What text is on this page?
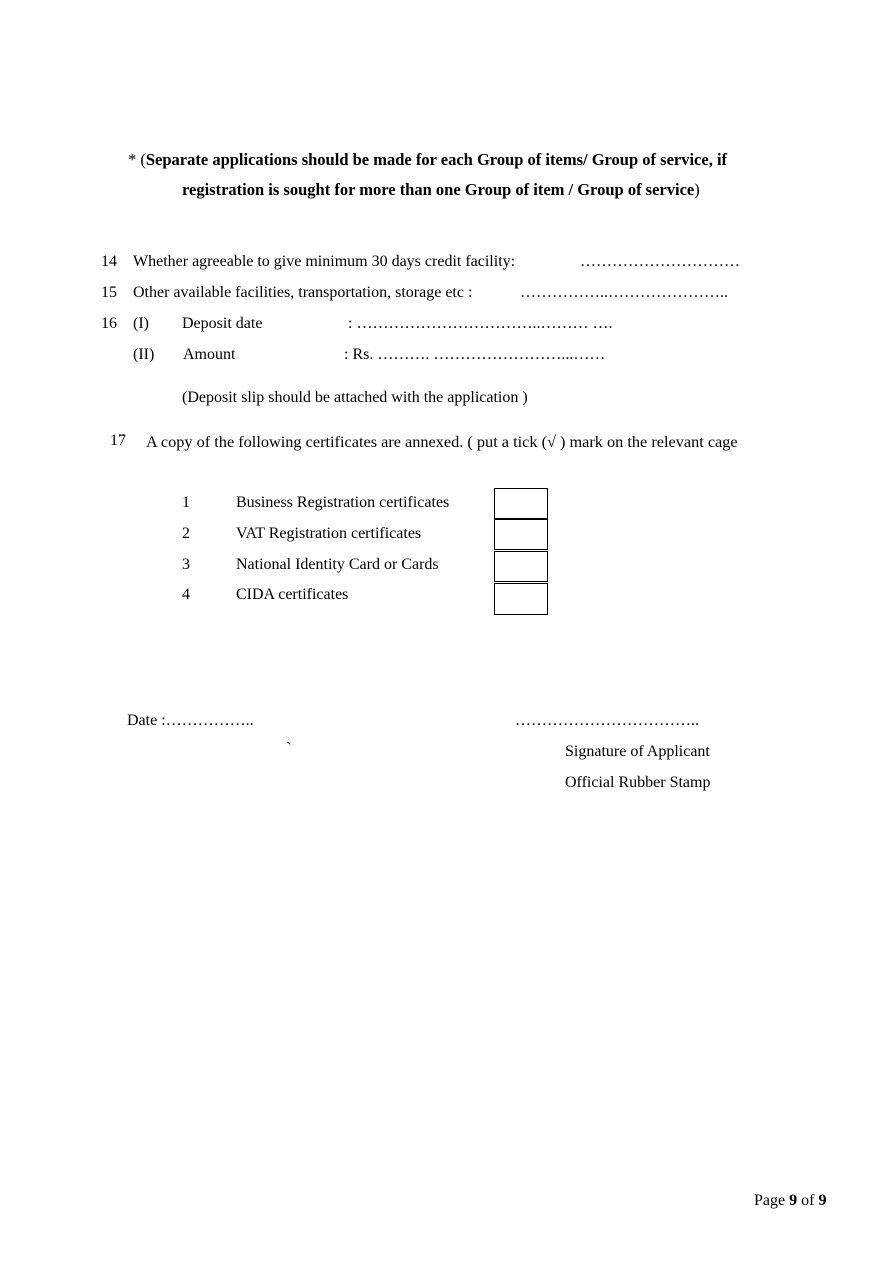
* (Separate applications should be made for each Group of items/ Group of service, if
registration is sought for more than one Group of item / Group of service)
14 Whether agreeable to give minimum 30 days credit facility:	…………………………
15 Other available facilities, transportation, storage etc :	……………..…………………..
16 (I) Deposit date	: ……………………………..……… ….
(II) Amount	: Rs. ………. ……………………...……
(Deposit slip should be attached with the application )
17 A copy of the following certificates are annexed. ( put a tick (√ ) mark on the relevant cage
1	Business Registration certificates
2	VAT Registration certificates
3	National Identity Card or Cards
4	CIDA certificates
Date :……………..
`
……………………………..
Signature of Applicant
Official Rubber Stamp
Page 9 of 9
